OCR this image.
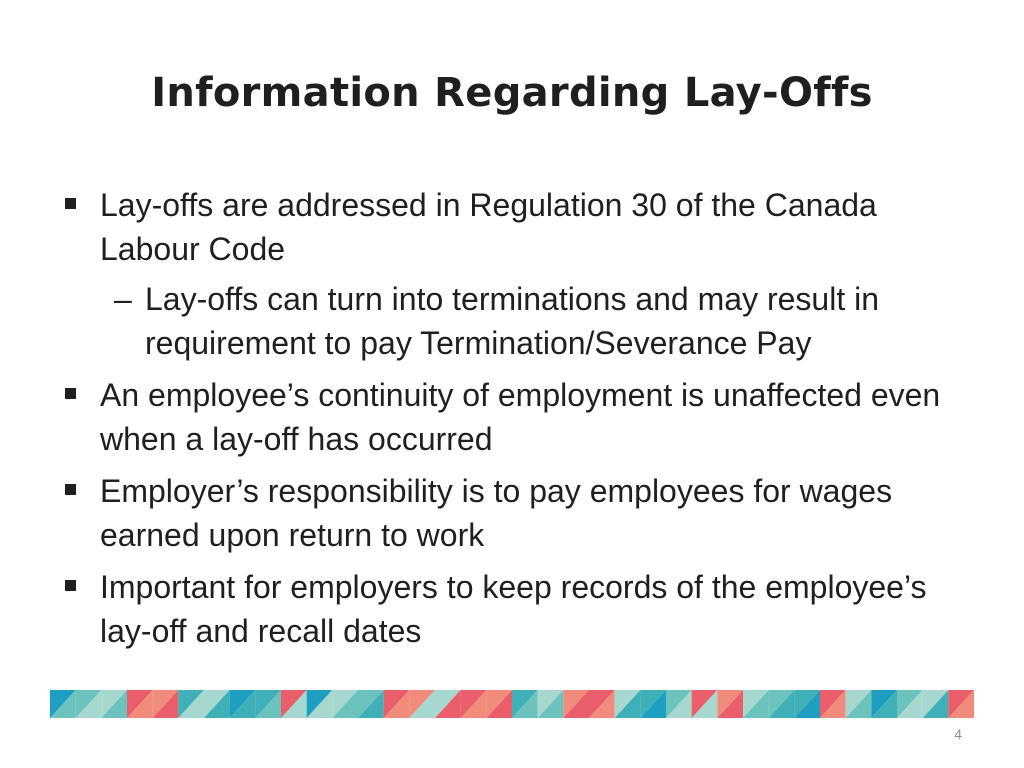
Information Regarding Lay-Offs
Lay-offs are addressed in Regulation 30 of the Canada Labour Code
– Lay-offs can turn into terminations and may result in requirement to pay Termination/Severance Pay
An employee’s continuity of employment is unaffected even when a lay-off has occurred
Employer’s responsibility is to pay employees for wages earned upon return to work
Important for employers to keep records of the employee’s lay-off and recall dates
4
